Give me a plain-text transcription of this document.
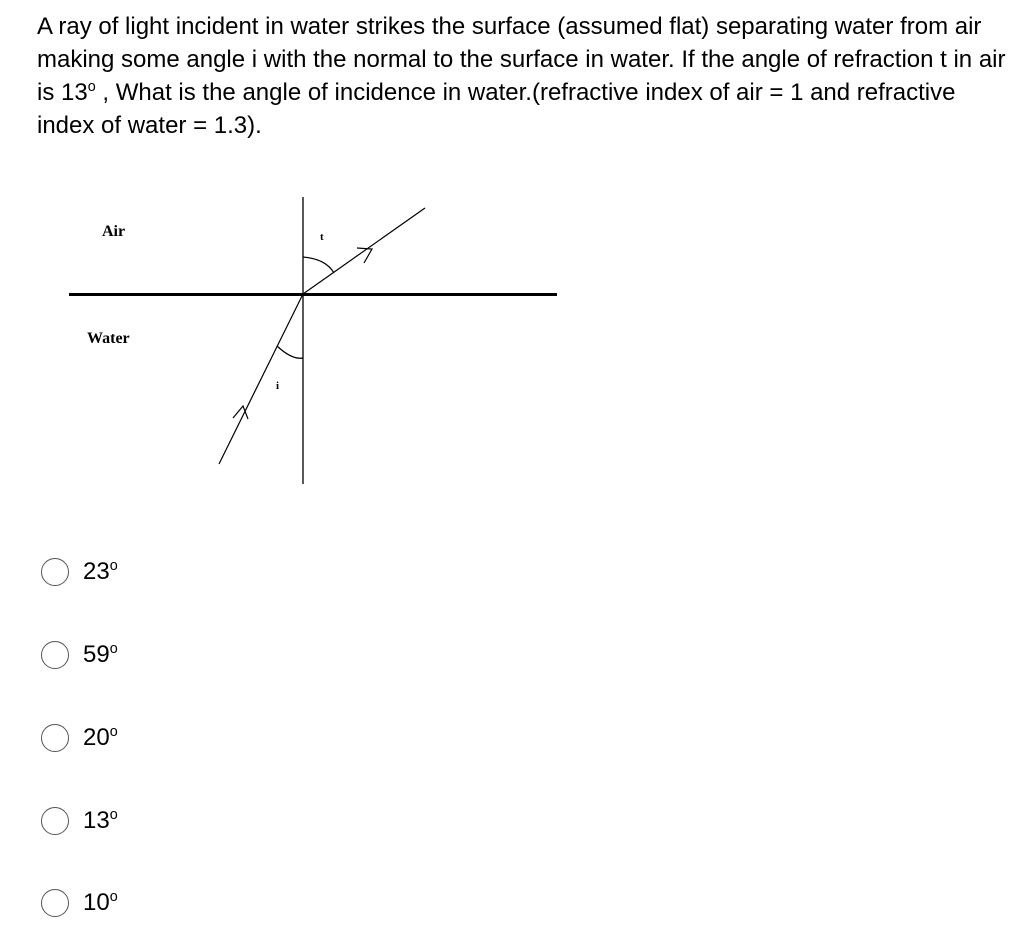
A ray of light incident in water strikes the surface (assumed flat) separating water from air making some angle i with the normal to the surface in water. If the angle of refraction t in air is 13$^o$ , What is the angle of incidence in water.(refractive index of air = 1 and refractive index of water = 1.3).

Air
Water
t
i
23$^o$
59$^o$
20$^o$
13$^o$
10$^o$
